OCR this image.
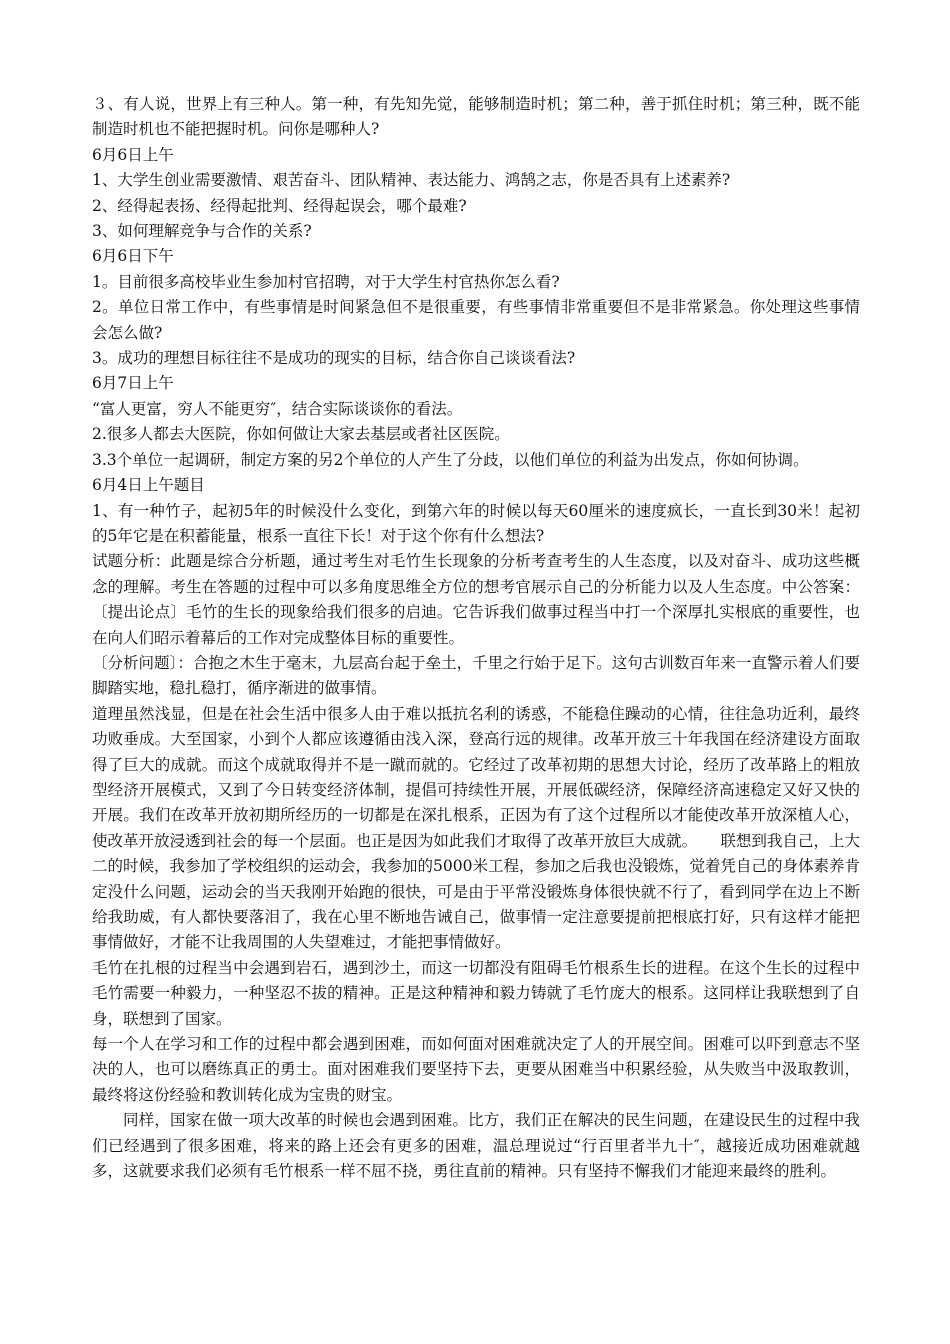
３、有人说，世界上有三种人。第一种，有先知先觉，能够制造时机；第二种，善于抓住时机；第三种，既不能制造时机也不能把握时机。问你是哪种人?

6月6日上午

1、大学生创业需要激情、艰苦奋斗、团队精神、表达能力、鸿鹄之志，你是否具有上述素养?

2、经得起表扬、经得起批判、经得起误会，哪个最难?

3、如何理解竞争与合作的关系?

6月6日下午

1。目前很多高校毕业生参加村官招聘，对于大学生村官热你怎么看?

2。单位日常工作中，有些事情是时间紧急但不是很重要，有些事情非常重要但不是非常紧急。你处理这些事情会怎么做?

3。成功的理想目标往往不是成功的现实的目标，结合你自己谈谈看法?

6月7日上午

“富人更富，穷人不能更穷″，结合实际谈谈你的看法。

2.很多人都去大医院，你如何做让大家去基层或者社区医院。

3.3个单位一起调研，制定方案的另2个单位的人产生了分歧，以他们单位的利益为出发点，你如何协调。

6月4日上午题目

1、有一种竹子，起初5年的时候没什么变化，到第六年的时候以每天60厘米的速度疯长，一直长到30米！起初的5年它是在积蓄能量，根系一直往下长！对于这个你有什么想法?

试题分析：此题是综合分析题，通过考生对毛竹生长现象的分析考查考生的人生态度，以及对奋斗、成功这些概念的理解。考生在答题的过程中可以多角度思维全方位的想考官展示自己的分析能力以及人生态度。中公答案：〔提出论点〕毛竹的生长的现象给我们很多的启迪。它告诉我们做事过程当中打一个深厚扎实根底的重要性，也在向人们昭示着幕后的工作对完成整体目标的重要性。

〔分析问题〕：合抱之木生于毫末，九层高台起于垒土，千里之行始于足下。这句古训数百年来一直警示着人们要脚踏实地，稳扎稳打，循序渐进的做事情。

道理虽然浅显，但是在社会生活中很多人由于难以抵抗名利的诱惑，不能稳住躁动的心情，往往急功近利，最终功败垂成。大至国家，小到个人都应该遵循由浅入深，登高行远的规律。改革开放三十年我国在经济建设方面取得了巨大的成就。而这个成就取得并不是一蹴而就的。它经过了改革初期的思想大讨论，经历了改革路上的粗放型经济开展模式，又到了今日转变经济体制，提倡可持续性开展，开展低碳经济，保障经济高速稳定又好又快的开展。我们在改革开放初期所经历的一切都是在深扎根系，正因为有了这个过程所以才能使改革开放深植人心，使改革开放浸透到社会的每一个层面。也正是因为如此我们才取得了改革开放巨大成就。　　联想到我自己，上大二的时候，我参加了学校组织的运动会，我参加的5000米工程，参加之后我也没锻炼，觉着凭自己的身体素养肯定没什么问题，运动会的当天我刚开始跑的很快，可是由于平常没锻炼身体很快就不行了，看到同学在边上不断给我助威，有人都快要落泪了，我在心里不断地告诫自己，做事情一定注意要提前把根底打好，只有这样才能把事情做好，才能不让我周围的人失望难过，才能把事情做好。

毛竹在扎根的过程当中会遇到岩石，遇到沙土，而这一切都没有阻碍毛竹根系生长的进程。在这个生长的过程中毛竹需要一种毅力，一种坚忍不拔的精神。正是这种精神和毅力铸就了毛竹庞大的根系。这同样让我联想到了自身，联想到了国家。

每一个人在学习和工作的过程中都会遇到困难，而如何面对困难就决定了人的开展空间。困难可以吓到意志不坚决的人，也可以磨练真正的勇士。面对困难我们要坚持下去，更要从困难当中积累经验，从失败当中汲取教训，最终将这份经验和教训转化成为宝贵的财宝。

同样，国家在做一项大改革的时候也会遇到困难。比方，我们正在解决的民生问题，在建设民生的过程中我们已经遇到了很多困难，将来的路上还会有更多的困难，温总理说过“行百里者半九十″，越接近成功困难就越多，这就要求我们必须有毛竹根系一样不屈不挠，勇往直前的精神。只有坚持不懈我们才能迎来最终的胜利。
